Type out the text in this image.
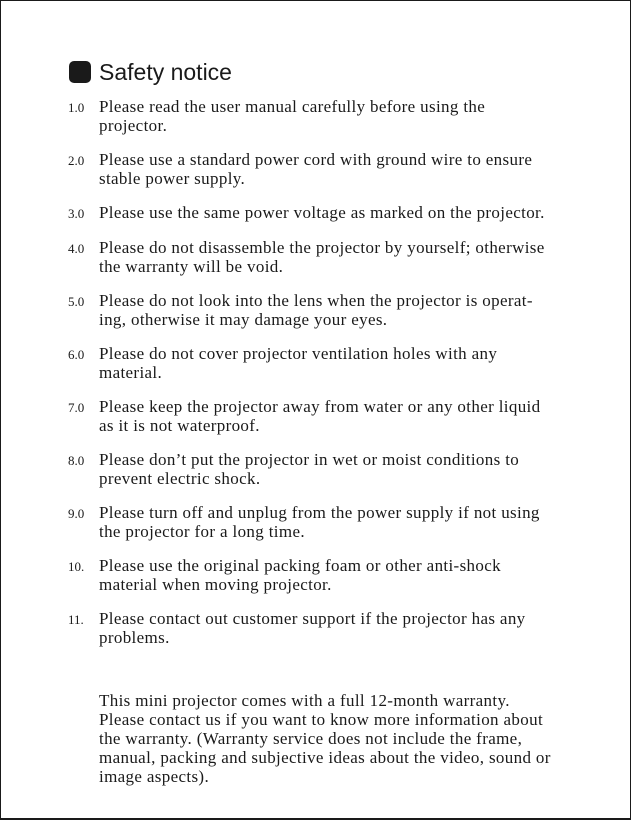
Safety notice
1.0 Please read the user manual carefully before using the
projector.
2.0 Please use a standard power cord with ground wire to ensure
stable power supply.
3.0 Please use the same power voltage as marked on the projector.
4.0 Please do not disassemble the projector by yourself; otherwise
the warranty will be void.
5.0 Please do not look into the lens when the projector is operat-
ing, otherwise it may damage your eyes.
6.0 Please do not cover projector ventilation holes with any
material.
7.0 Please keep the projector away from water or any other liquid
as it is not waterproof.
8.0 Please don’t put the projector in wet or moist conditions to
prevent electric shock.
9.0 Please turn off and unplug from the power supply if not using
the projector for a long time.
10. Please use the original packing foam or other anti-shock
material when moving projector.
11. Please contact out customer support if the projector has any
problems.
This mini projector comes with a full 12-month warranty.
Please contact us if you want to know more information about
the warranty. (Warranty service does not include the frame,
manual, packing and subjective ideas about the video, sound or
image aspects).
